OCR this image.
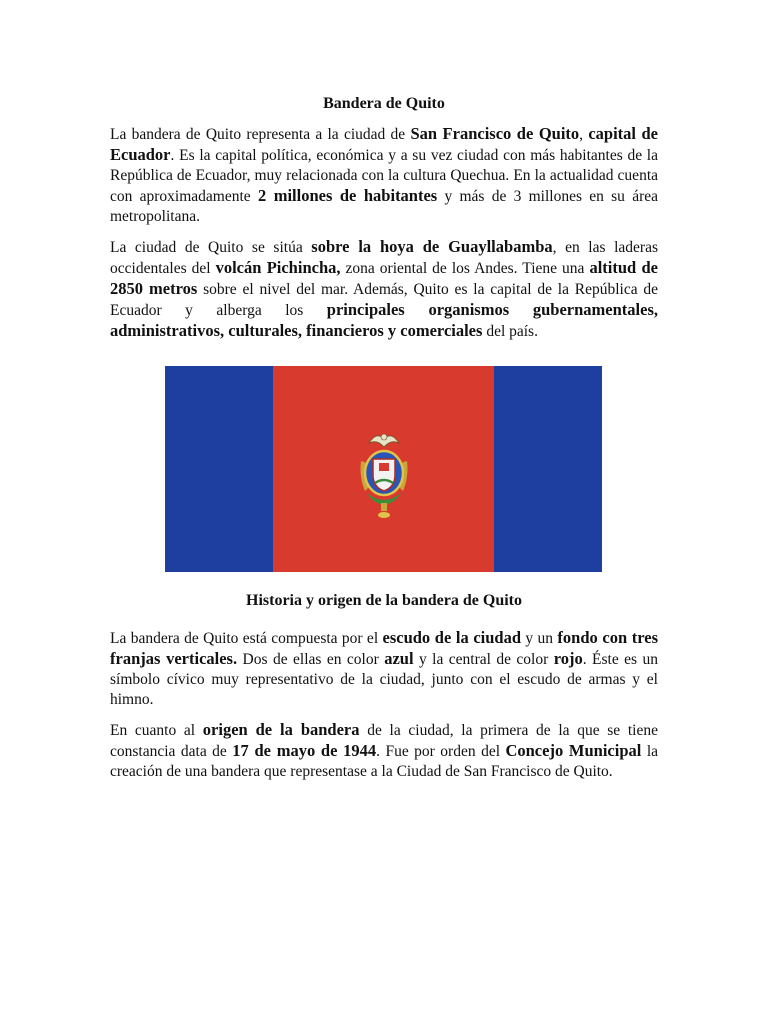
Bandera de Quito

La bandera de Quito representa a la ciudad de San Francisco de Quito, capital de Ecuador. Es la capital política, económica y a su vez ciudad con más habitantes de la República de Ecuador, muy relacionada con la cultura Quechua. En la actualidad cuenta con aproximadamente 2 millones de habitantes y más de 3 millones en su área metropolitana.

La ciudad de Quito se sitúa sobre la hoya de Guayllabamba, en las laderas occidentales del volcán Pichincha, zona oriental de los Andes. Tiene una altitud de 2850 metros sobre el nivel del mar. Además, Quito es la capital de la República de Ecuador y alberga los principales organismos gubernamentales, administrativos, culturales, financieros y comerciales del país.

Historia y origen de la bandera de Quito

La bandera de Quito está compuesta por el escudo de la ciudad y un fondo con tres franjas verticales. Dos de ellas en color azul y la central de color rojo. Éste es un símbolo cívico muy representativo de la ciudad, junto con el escudo de armas y el himno.

En cuanto al origen de la bandera de la ciudad, la primera de la que se tiene constancia data de 17 de mayo de 1944. Fue por orden del Concejo Municipal la creación de una bandera que representase a la Ciudad de San Francisco de Quito.
